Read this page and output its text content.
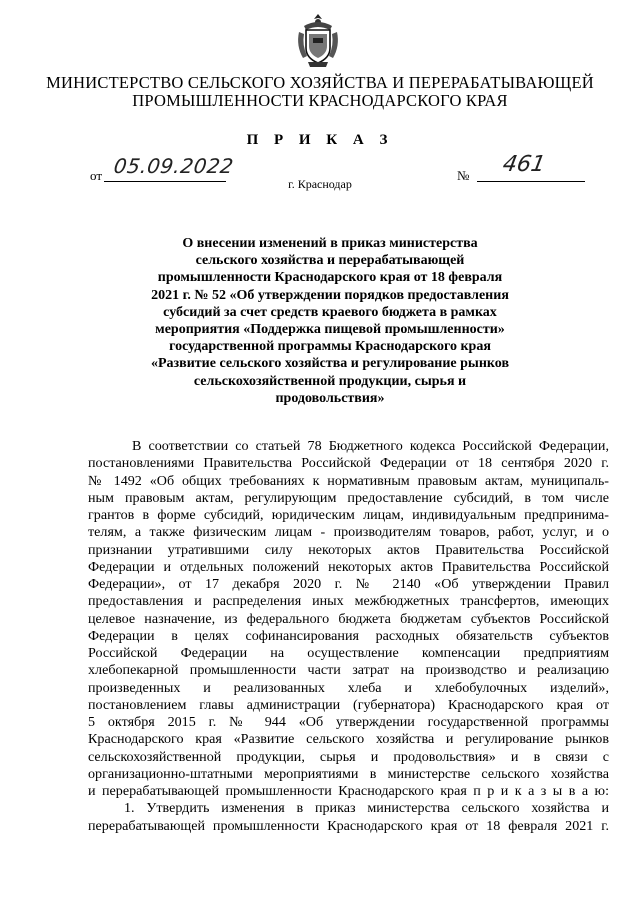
МИНИСТЕРСТВО СЕЛЬСКОГО ХОЗЯЙСТВА И ПЕРЕРАБАТЫВАЮЩЕЙ
ПРОМЫШЛЕННОСТИ КРАСНОДАРСКОГО КРАЯ
П Р И К А З
от 05.09.2022	№ 461
г. Краснодар
О внесении изменений в приказ министерства
сельского хозяйства и перерабатывающей
промышленности Краснодарского края от 18 февраля
2021 г. № 52 «Об утверждении порядков предоставления
субсидий за счет средств краевого бюджета в рамках
мероприятия «Поддержка пищевой промышленности»
государственной программы Краснодарского края
«Развитие сельского хозяйства и регулирование рынков
сельскохозяйственной продукции, сырья и
продовольствия»
В соответствии со статьей 78 Бюджетного кодекса Российской Федерации,
постановлениями Правительства Российской Федерации от 18 сентября 2020 г.
№ 1492 «Об общих требованиях к нормативным правовым актам, муниципаль-
ным правовым актам, регулирующим предоставление субсидий, в том числе
грантов в форме субсидий, юридическим лицам, индивидуальным предпринима-
телям, а также физическим лицам - производителям товаров, работ, услуг, и о
признании утратившими силу некоторых актов Правительства Российской
Федерации и отдельных положений некоторых актов Правительства Российской
Федерации», от 17 декабря 2020 г. № 2140 «Об утверждении Правил
предоставления и распределения иных межбюджетных трансфертов, имеющих
целевое назначение, из федерального бюджета бюджетам субъектов Российской
Федерации в целях софинансирования расходных обязательств субъектов
Российской Федерации на осуществление компенсации предприятиям
хлебопекарной промышленности части затрат на производство и реализацию
произведенных и реализованных хлеба и хлебобулочных изделий»,
постановлением главы администрации (губернатора) Краснодарского края от
5 октября 2015 г. № 944 «Об утверждении государственной программы
Краснодарского края «Развитие сельского хозяйства и регулирование рынков
сельскохозяйственной продукции, сырья и продовольствия» и в связи с
организационно-штатными мероприятиями в министерстве сельского хозяйства
и перерабатывающей промышленности Краснодарского края п р и к а з ы в а ю:
1. Утвердить изменения в приказ министерства сельского хозяйства и
перерабатывающей промышленности Краснодарского края от 18 февраля 2021 г.
